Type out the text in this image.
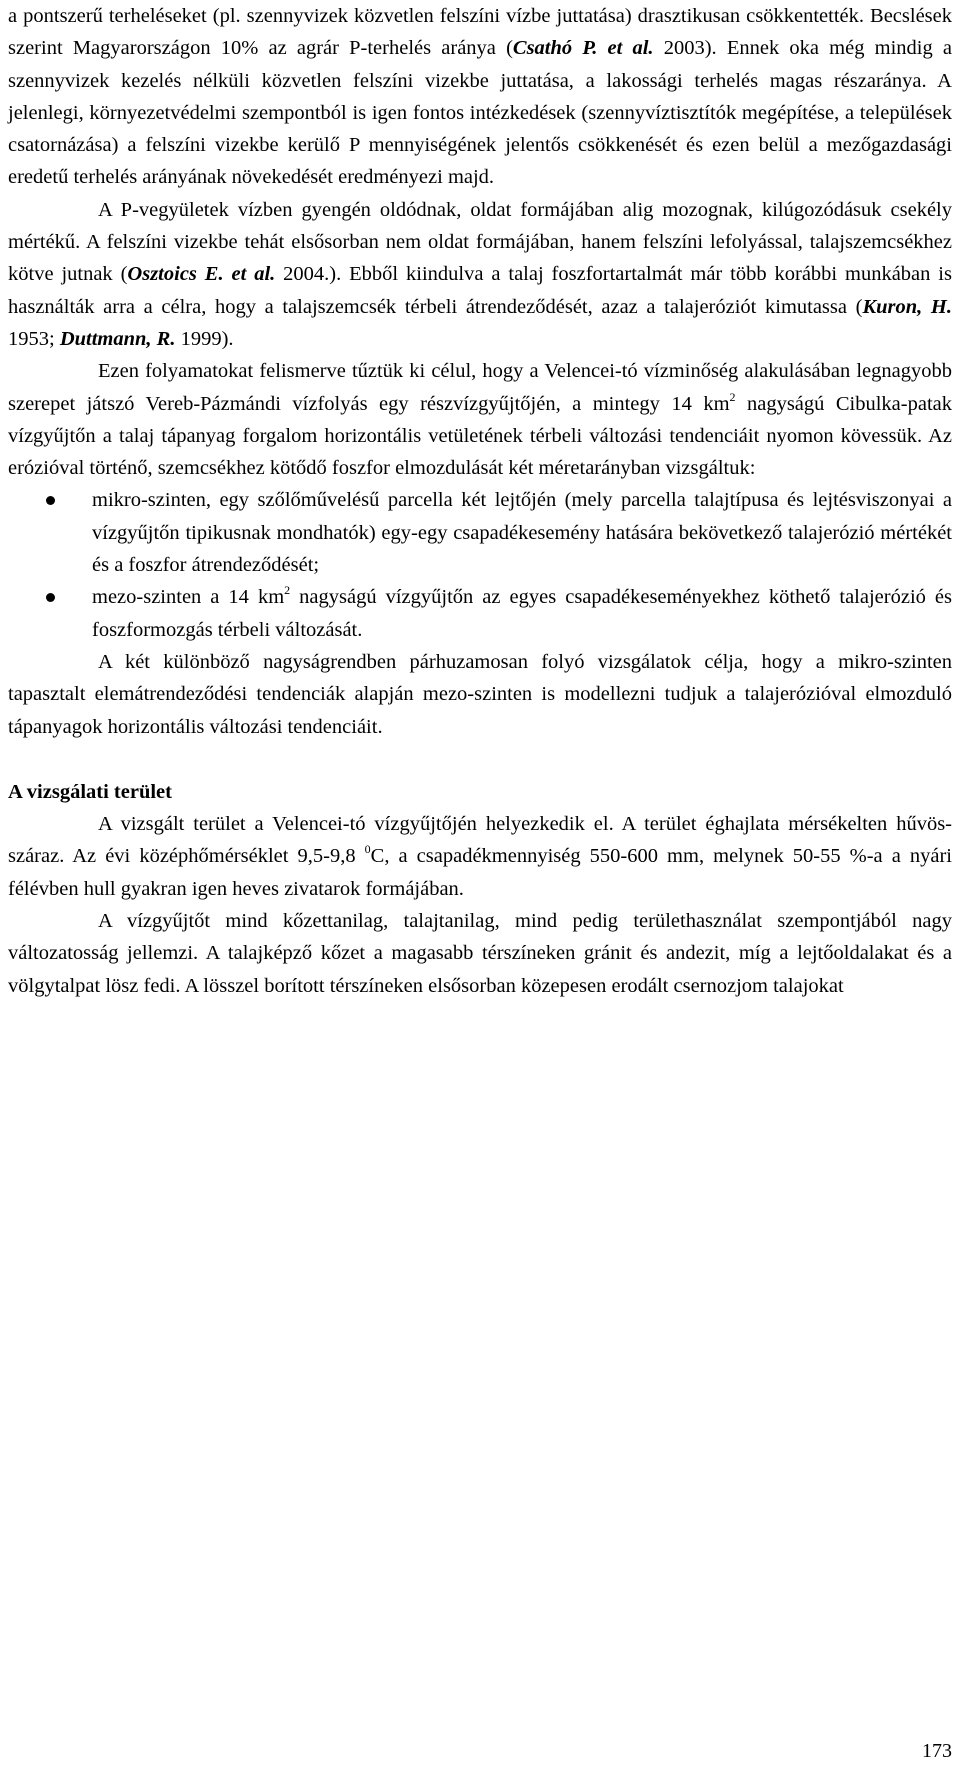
a pontszerű terheléseket (pl. szennyvizek közvetlen felszíni vízbe juttatása) drasztikusan csökkentették. Becslések szerint Magyarországon 10% az agrár P-terhelés aránya (Csathó P. et al. 2003). Ennek oka még mindig a szennyvizek kezelés nélküli közvetlen felszíni vizekbe juttatása, a lakossági terhelés magas részaránya. A jelenlegi, környezetvédelmi szempontból is igen fontos intézkedések (szennyvíztisztítók megépítése, a települések csatornázása) a felszíni vizekbe kerülő P mennyiségének jelentős csökkenését és ezen belül a mezőgazdasági eredetű terhelés arányának növekedését eredményezi majd.

A P-vegyületek vízben gyengén oldódnak, oldat formájában alig mozognak, kilúgozódásuk csekély mértékű. A felszíni vizekbe tehát elsősorban nem oldat formájában, hanem felszíni lefolyással, talajszemcsékhez kötve jutnak (Osztoics E. et al. 2004.). Ebből kiindulva a talaj foszfortartalmát már több korábbi munkában is használták arra a célra, hogy a talajszemcsék térbeli átrendeződését, azaz a talajeróziót kimutassa (Kuron, H. 1953; Duttmann, R. 1999).

Ezen folyamatokat felismerve tűztük ki célul, hogy a Velencei-tó vízminőség alakulásában legnagyobb szerepet játszó Vereb-Pázmándi vízfolyás egy részvízgyűjtőjén, a mintegy 14 $km^2$ nagyságú Cibulka-patak vízgyűjtőn a talaj tápanyag forgalom horizontális vetületének térbeli változási tendenciáit nyomon kövessük. Az erózióval történő, szemcsékhez kötődő foszfor elmozdulását két méretarányban vizsgáltuk:

mikro-szinten, egy szőlőművelésű parcella két lejtőjén (mely parcella talajtípusa és lejtésviszonyai a vízgyűjtőn tipikusnak mondhatók) egy-egy csapadékesemény hatására bekövetkező talajerózió mértékét és a foszfor átrendeződését;
mezo-szinten a 14 $km^2$ nagyságú vízgyűjtőn az egyes csapadékeseményekhez köthető talajerózió és foszformozgás térbeli változását.

A két különböző nagyságrendben párhuzamosan folyó vizsgálatok célja, hogy a mikro-szinten tapasztalt elemátrendeződési tendenciák alapján mezo-szinten is modellezni tudjuk a talajerózióval elmozduló tápanyagok horizontális változási tendenciáit.

A vizsgálati terület

A vizsgált terület a Velencei-tó vízgyűjtőjén helyezkedik el. A terület éghajlata mérsékelten hűvös-száraz. Az évi középhőmérséklet 9,5-9,8 $^0$C, a csapadékmennyiség 550-600 mm, melynek 50-55 %-a a nyári félévben hull gyakran igen heves zivatarok formájában.

A vízgyűjtőt mind kőzettanilag, talajtanilag, mind pedig területhasználat szempontjából nagy változatosság jellemzi. A talajképző kőzet a magasabb térszíneken gránit és andezit, míg a lejtőoldalakat és a völgytalpat lösz fedi. A lösszel borított térszíneken elsősorban közepesen erodált csernozjom talajokat

173
